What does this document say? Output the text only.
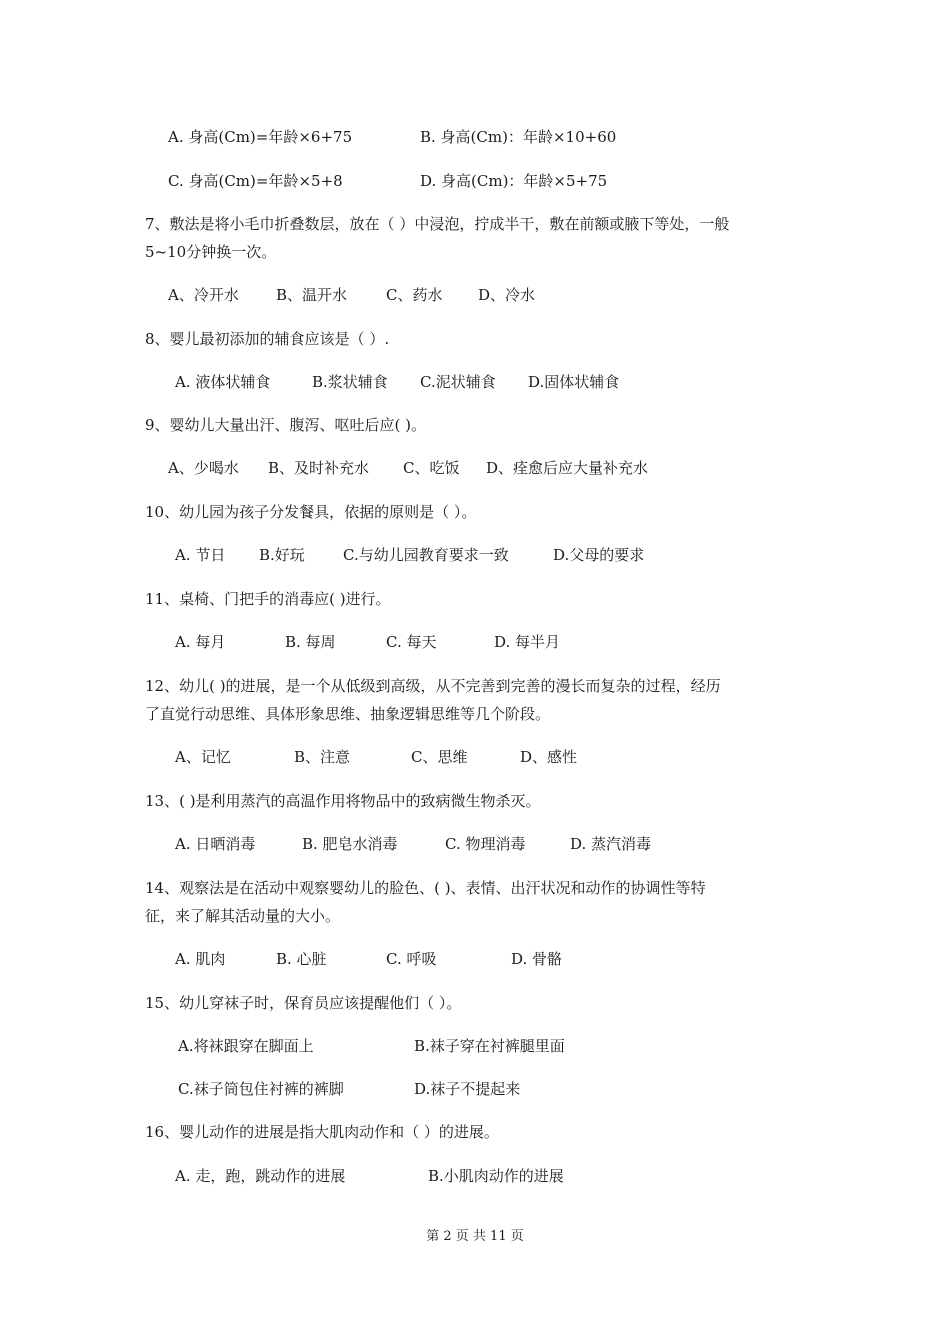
A. 身高(Cm)=年龄×6+75	B. 身高(Cm)：年龄×10+60
C. 身高(Cm)=年龄×5+8	D. 身高(Cm)：年龄×5+75
7、敷法是将小毛巾折叠数层，放在（ ）中浸泡，拧成半干，敷在前额或腋下等处，一般
5~10分钟换一次。
A、冷开水 B、温开水	C、药水 D、冷水
8、婴儿最初添加的辅食应该是（ ）.
A. 液体状辅食	B.浆状辅食 C.泥状辅食 D.固体状辅食
9、婴幼儿大量出汗、腹泻、呕吐后应( )。
A、少喝水 B、及时补充水 C、吃饭 D、痊愈后应大量补充水
10、幼儿园为孩子分发餐具，依据的原则是（ ）。
A. 节日 B.好玩	C.与幼儿园教育要求一致	D.父母的要求
11、桌椅、门把手的消毒应( )进行。
A. 每月	B. 每周	C. 每天	D. 每半月
12、幼儿( )的进展，是一个从低级到高级，从不完善到完善的漫长而复杂的过程，经历
了直觉行动思维、具体形象思维、抽象逻辑思维等几个阶段。
A、记忆	B、注意	C、思维	D、感性
13、( )是利用蒸汽的高温作用将物品中的致病微生物杀灭。
A. 日晒消毒	B. 肥皂水消毒	C. 物理消毒	D. 蒸汽消毒
14、观察法是在活动中观察婴幼儿的脸色、( )、表情、出汗状况和动作的协调性等特
征，来了解其活动量的大小。
A. 肌肉	B. 心脏	C. 呼吸	D. 骨骼
15、幼儿穿袜子时，保育员应该提醒他们（ ）。
A.将袜跟穿在脚面上	B.袜子穿在衬裤腿里面
C.袜子筒包住衬裤的裤脚	D.袜子不提起来
16、婴儿动作的进展是指大肌肉动作和（ ）的进展。
A. 走，跑，跳动作的进展	B.小肌肉动作的进展
第 2 页 共 11 页
